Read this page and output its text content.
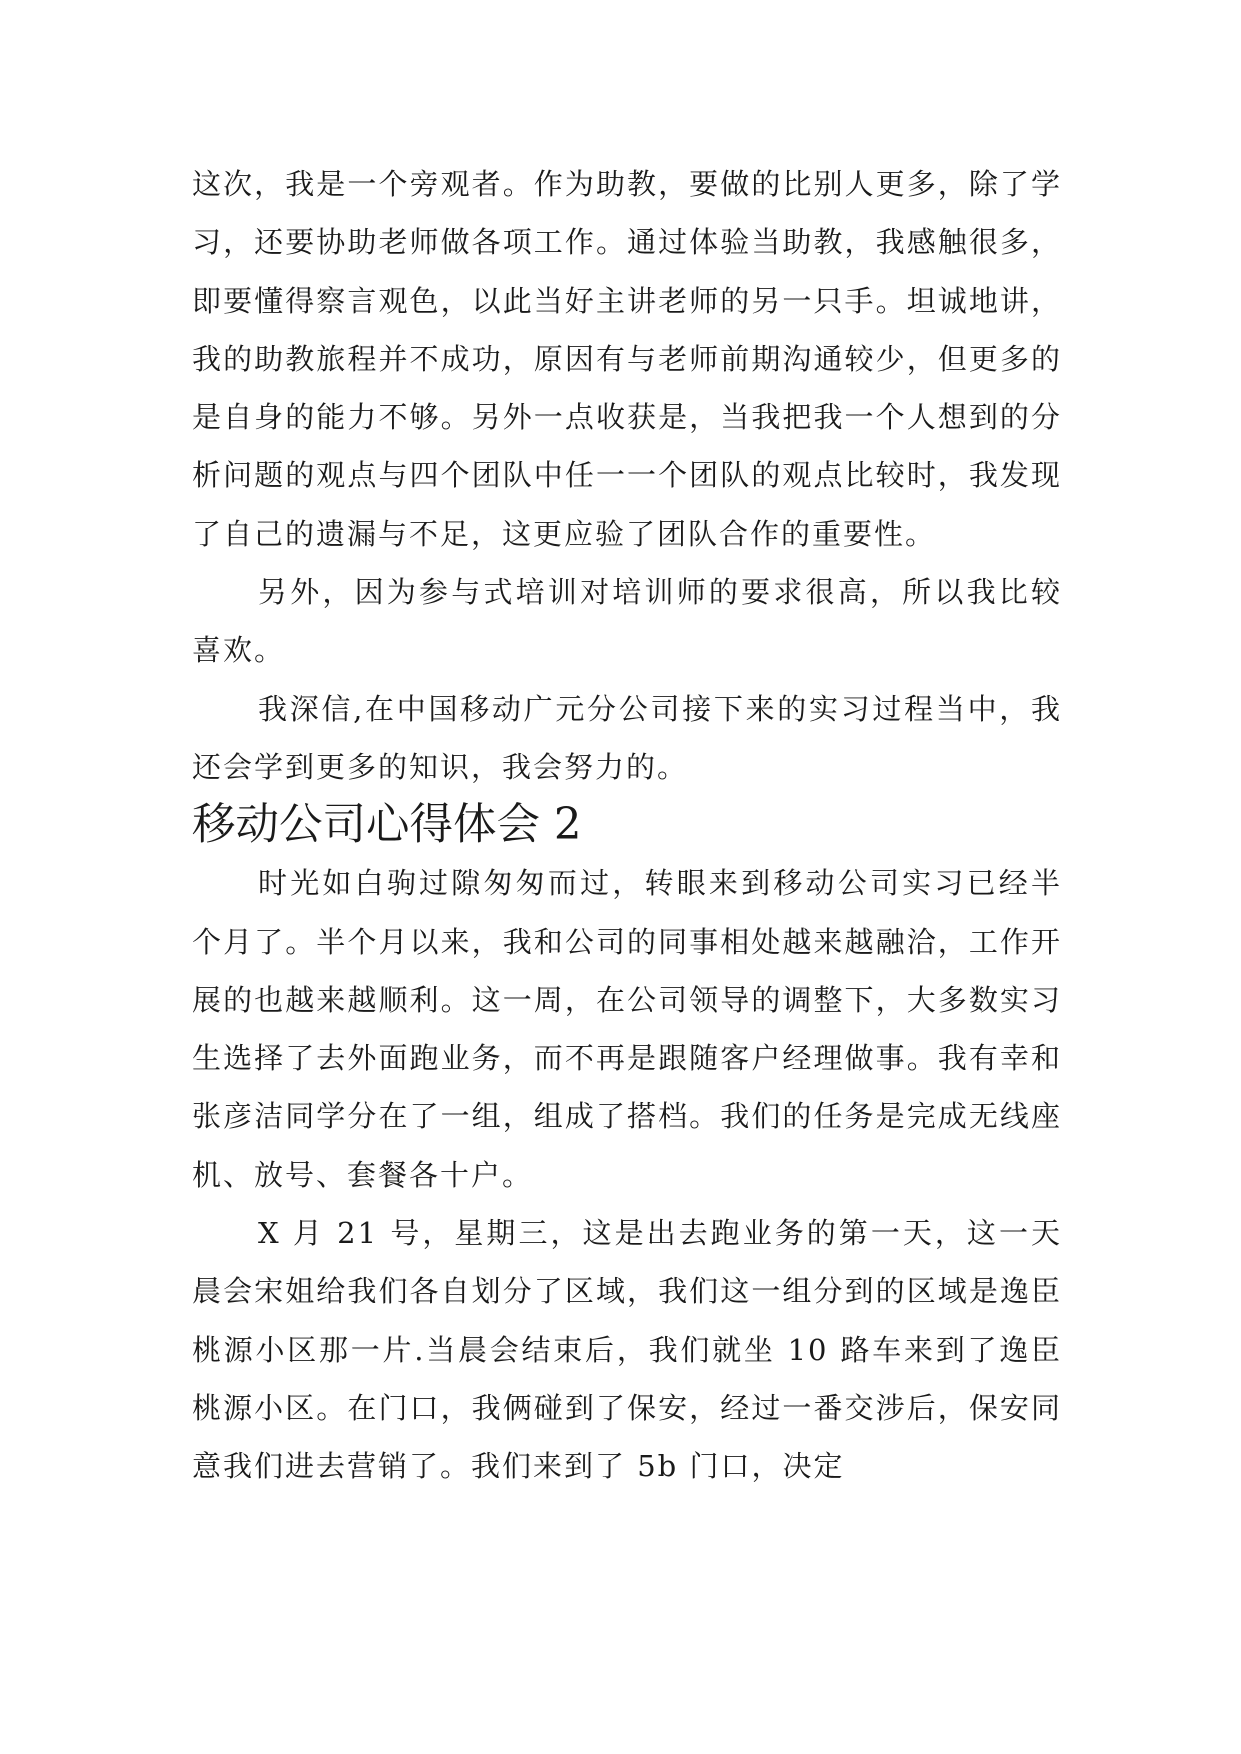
这次，我是一个旁观者。作为助教，要做的比别人更多，除了学习，还要协助老师做各项工作。通过体验当助教，我感触很多，即要懂得察言观色，以此当好主讲老师的另一只手。坦诚地讲，我的助教旅程并不成功，原因有与老师前期沟通较少，但更多的是自身的能力不够。另外一点收获是，当我把我一个人想到的分析问题的观点与四个团队中任一一个团队的观点比较时，我发现了自己的遗漏与不足，这更应验了团队合作的重要性。

另外，因为参与式培训对培训师的要求很高，所以我比较喜欢。

我深信,在中国移动广元分公司接下来的实习过程当中，我还会学到更多的知识，我会努力的。

移动公司心得体会 2

时光如白驹过隙匆匆而过，转眼来到移动公司实习已经半个月了。半个月以来，我和公司的同事相处越来越融洽，工作开展的也越来越顺利。这一周，在公司领导的调整下，大多数实习生选择了去外面跑业务，而不再是跟随客户经理做事。我有幸和张彦洁同学分在了一组，组成了搭档。我们的任务是完成无线座机、放号、套餐各十户。

X 月 21 号，星期三，这是出去跑业务的第一天，这一天晨会宋姐给我们各自划分了区域，我们这一组分到的区域是逸臣桃源小区那一片.当晨会结束后，我们就坐 10 路车来到了逸臣桃源小区。在门口，我俩碰到了保安，经过一番交涉后，保安同意我们进去营销了。我们来到了 5b 门口，决定
